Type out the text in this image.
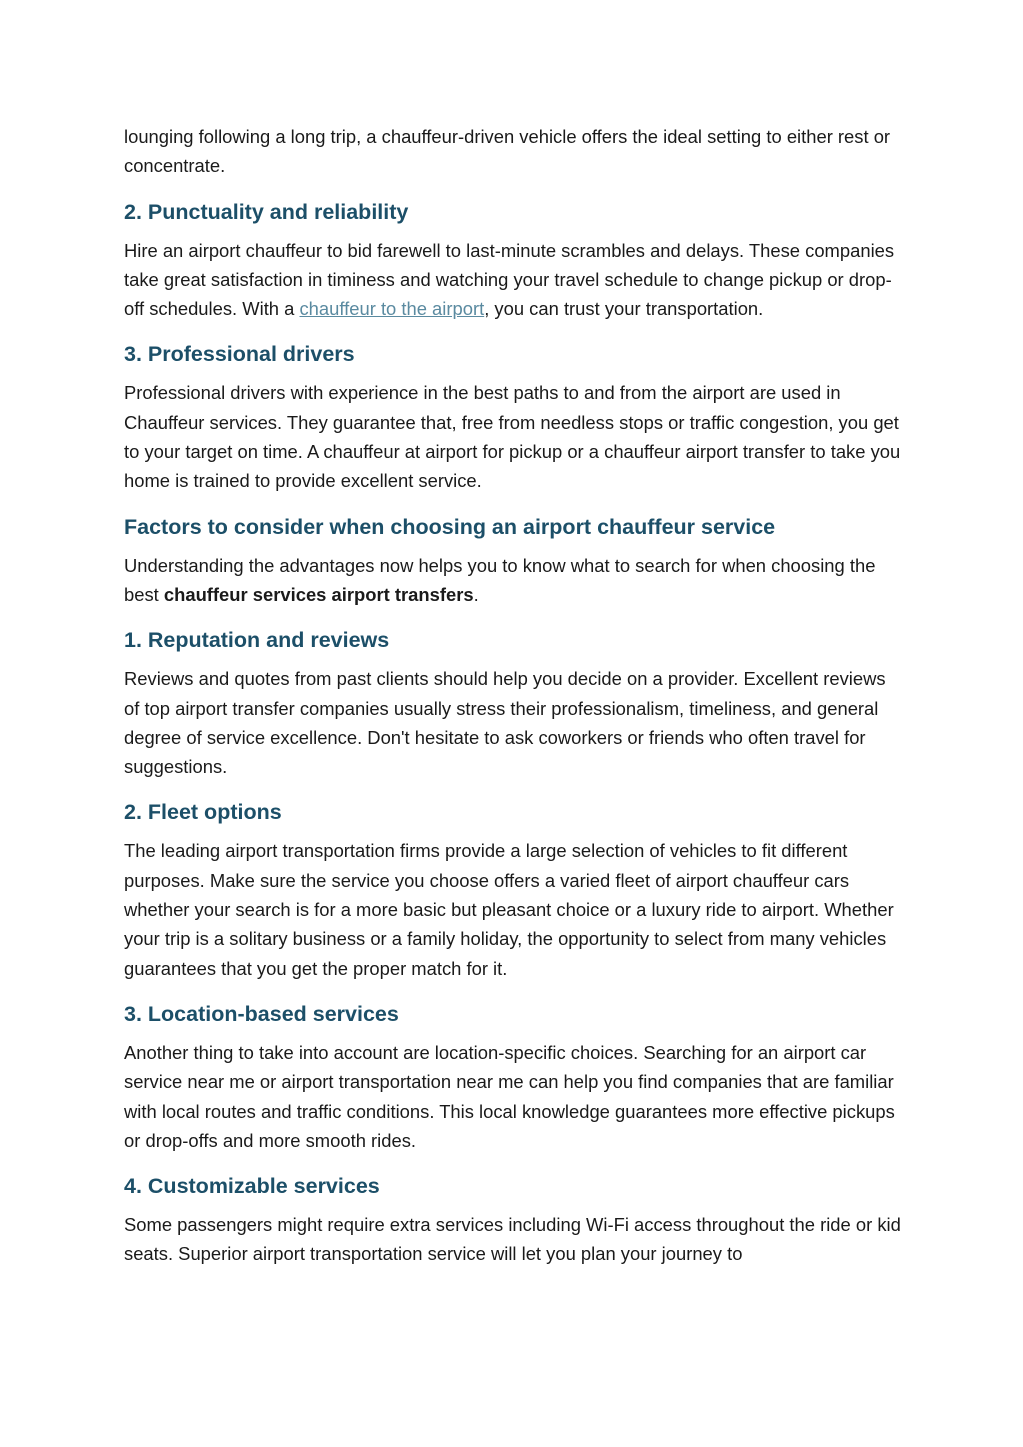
lounging following a long trip, a chauffeur-driven vehicle offers the ideal setting to either rest or concentrate.

2. Punctuality and reliability

Hire an airport chauffeur to bid farewell to last-minute scrambles and delays. These companies take great satisfaction in timiness and watching your travel schedule to change pickup or drop-off schedules. With a chauffeur to the airport, you can trust your transportation.

3. Professional drivers

Professional drivers with experience in the best paths to and from the airport are used in Chauffeur services. They guarantee that, free from needless stops or traffic congestion, you get to your target on time. A chauffeur at airport for pickup or a chauffeur airport transfer to take you home is trained to provide excellent service.

Factors to consider when choosing an airport chauffeur service

Understanding the advantages now helps you to know what to search for when choosing the best chauffeur services airport transfers.

1. Reputation and reviews

Reviews and quotes from past clients should help you decide on a provider. Excellent reviews of top airport transfer companies usually stress their professionalism, timeliness, and general degree of service excellence. Don't hesitate to ask coworkers or friends who often travel for suggestions.

2. Fleet options

The leading airport transportation firms provide a large selection of vehicles to fit different purposes. Make sure the service you choose offers a varied fleet of airport chauffeur cars whether your search is for a more basic but pleasant choice or a luxury ride to airport. Whether your trip is a solitary business or a family holiday, the opportunity to select from many vehicles guarantees that you get the proper match for it.

3. Location-based services

Another thing to take into account are location-specific choices. Searching for an airport car service near me or airport transportation near me can help you find companies that are familiar with local routes and traffic conditions. This local knowledge guarantees more effective pickups or drop-offs and more smooth rides.

4. Customizable services

Some passengers might require extra services including Wi-Fi access throughout the ride or kid seats. Superior airport transportation service will let you plan your journey to
